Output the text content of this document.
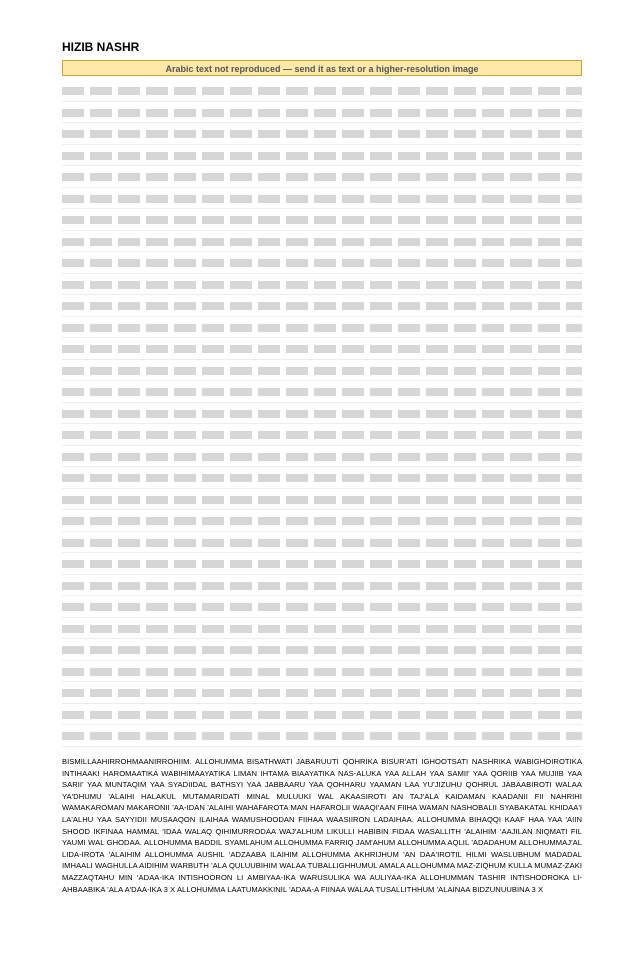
HIZIB NASHR
Arabic text not reproduced — send it as text or a higher-resolution image
BISMILLAAHIRROHMAANIRROHIIM. ALLOHUMMA BISATHWATI JABARUUTI QOHRIKA BISUR'ATI IGHOOTSATI NASHRIKA WABIGHOIROTIKA INTIHAAKI HAROMAATIKA WABIHIMAAYATIKA LIMAN IHTAMA BIAAYATIKA NAS-ALUKA YAA ALLAH YAA SAMII' YAA QORIIB YAA MUJIIB YAA SARII' YAA MUNTAQIM YAA SYADIIDAL BATHSYI YAA JABBAARU YAA QOHHARU YAAMAN LAA YU'JIZUHU QOHRUL JABAABIROTI WALAA YA'DHUMU 'ALAIHI HALAKUL MUTAMARIDATI MINAL MULUUKI WAL AKAASIROTI AN TAJ'ALA KAIDAMAN KAADANII FII NAHRIHI WAMAKAROMAN MAKARONII 'AA-IDAN 'ALAIHI WAHAFAROTA MAN HAFAROLII WAAQI'AAN FIIHA WAMAN NASHOBALII SYABAKATAL KHIDAA'I LA'ALHU YAA SAYYIDII MUSAAQON ILAIHAA WAMUSHOODAN FIIHAA WAASIIRON LADAIHAA. ALLOHUMMA BIHAQQI KAAF HAA YAA 'AIIN SHOOD IKFINAA HAMMAL 'IDAA WALAQ QIHIMURRODAA WAJ'ALHUM LIKULLI HABIBIN FIDAA WASALLITH 'ALAIHIM 'AAJILAN NIQMATI FIL YAUMI WAL GHODAA. ALLOHUMMA BADDIL SYAMLAHUM ALLOHUMMA FARRIQ JAM'AHUM ALLOHUMMA AQLIL 'ADADAHUM ALLOHUMMAJ'AL LIDA-IROTA 'ALAIHIM ALLOHUMMA AUSHIL 'ADZAABA ILAIHIM ALLOHUMMA AKHRIJHUM 'AN DAA'IROTIL HILMI WASLUBHUM MADADAL IMHAALI WAGHULLA AIDIHIM WARBUTH 'ALA QULUUBIHIM WALAA TUBALLIGHHUMUL AMALA ALLOHUMMA MAZ-ZIQHUM KULLA MUMAZ-ZAKI MAZZAQTAHU MIN 'ADAA-IKA INTISHOORON LI AMBIYAA-IKA WARUSULIKA WA AULIYAA-IKA ALLOHUMMAN TASHIR INTISHOOROKA LI-AHBAABIKA 'ALA A'DAA-IKA 3 X ALLOHUMMA LAATUMAKKINIL 'ADAA-A FIINAA WALAA TUSALLITHHUM 'ALAINAA BIDZUNUUBINA 3 X
